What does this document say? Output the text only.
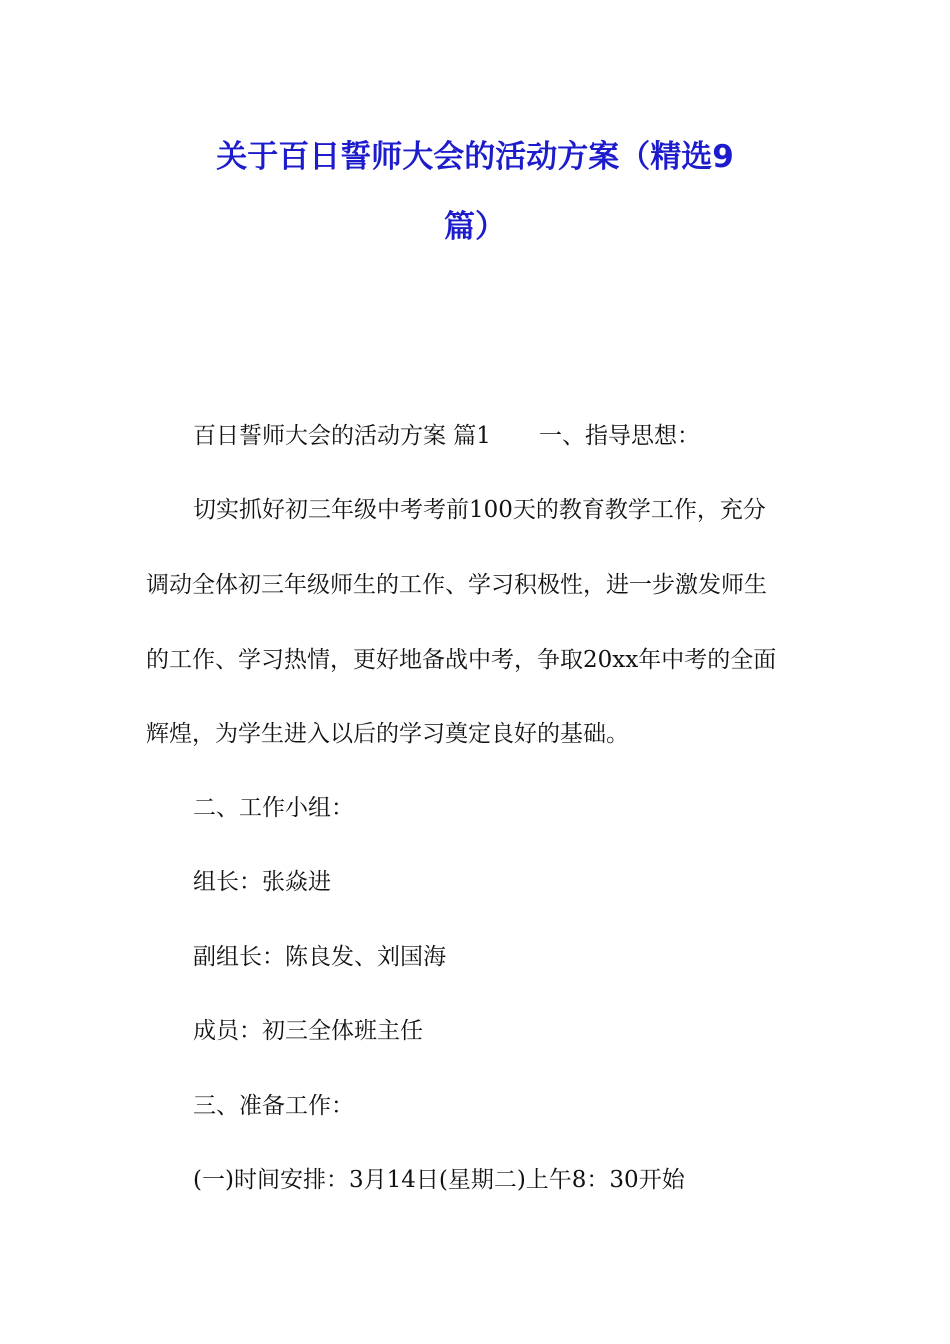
关于百日誓师大会的活动方案（精选9
篇）
百日誓师大会的活动方案 篇1 一、指导思想：
切实抓好初三年级中考考前100天的教育教学工作，充分
调动全体初三年级师生的工作、学习积极性，进一步激发师生
的工作、学习热情，更好地备战中考，争取20xx年中考的全面
辉煌，为学生进入以后的学习奠定良好的基础。
二、工作小组：
组长：张焱进
副组长：陈良发、刘国海
成员：初三全体班主任
三、准备工作：
(一)时间安排：3月14日(星期二)上午8：30开始
